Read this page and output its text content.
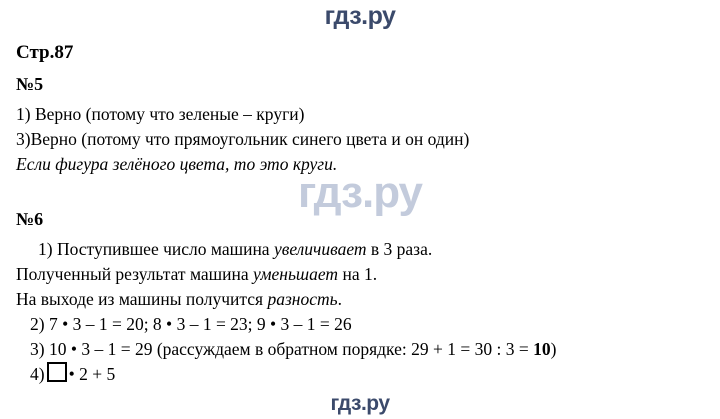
гдз.ру
гдз.ру
Стр.87
№5
1) Верно (потому что зеленые – круги)
3)Верно (потому что прямоугольник синего цвета и он один)
Если фигура зелёного цвета, то это круги.
№6
1) Поступившее число машина увеличивает в 3 раза.
Полученный результат машина уменьшает на 1.
На выходе из машины получится разность.
2) 7 • 3 – 1 = 20; 8 • 3 – 1 = 23; 9 • 3 – 1 = 26
3) 10 • 3 – 1 = 29 (рассуждаем в обратном порядке: 29 + 1 = 30 : 3 = 10)
4) • 2 + 5
гдз.ру
